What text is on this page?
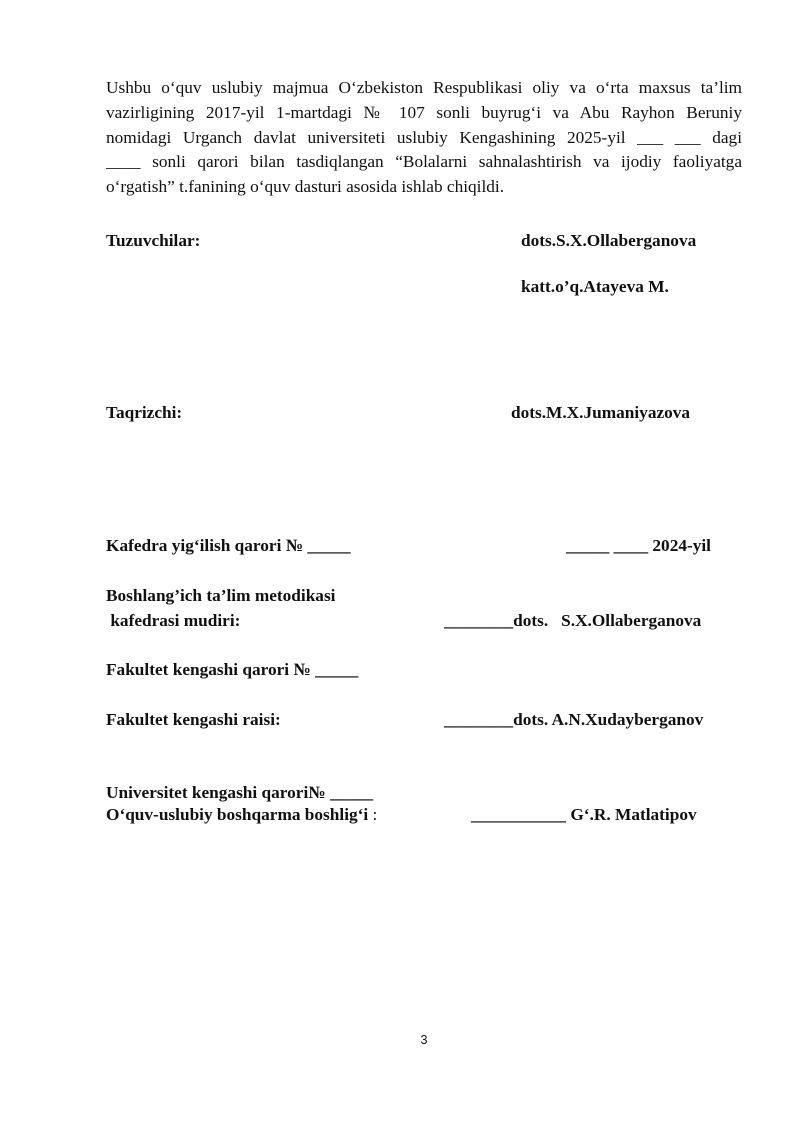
Ushbu o‘quv uslubiy majmua O‘zbekiston Respublikasi oliy va o‘rta maxsus ta’lim
vazirligining 2017-yil 1-martdagi № 107 sonli buyrug‘i va Abu Rayhon Beruniy
nomidagi Urganch davlat universiteti uslubiy Kengashining 2025-yil ___ ___ dagi
____ sonli qarori bilan tasdiqlangan “Bolalarni sahnalashtirish va ijodiy faoliyatga
o‘rgatish” t.fanining o‘quv dasturi asosida ishlab chiqildi.

Tuzuvchilar:	dots.S.X.Ollaberganova
katt.o’q.Atayeva M.
Taqrizchi:	dots.M.X.Jumaniyazova
Kafedra yig‘ilish qarori № _____	_____ ____ 2024-yil
Boshlang’ich ta’lim metodikasi
kafedrasi mudiri:	________dots.   S.X.Ollaberganova
Fakultet kengashi qarori № _____
Fakultet kengashi raisi:	________dots. A.N.Xudayberganov
Universitet kengashi qarori№ _____
O‘quv-uslubiy boshqarma boshlig‘i :	___________ G‘.R. Matlatipov
3
